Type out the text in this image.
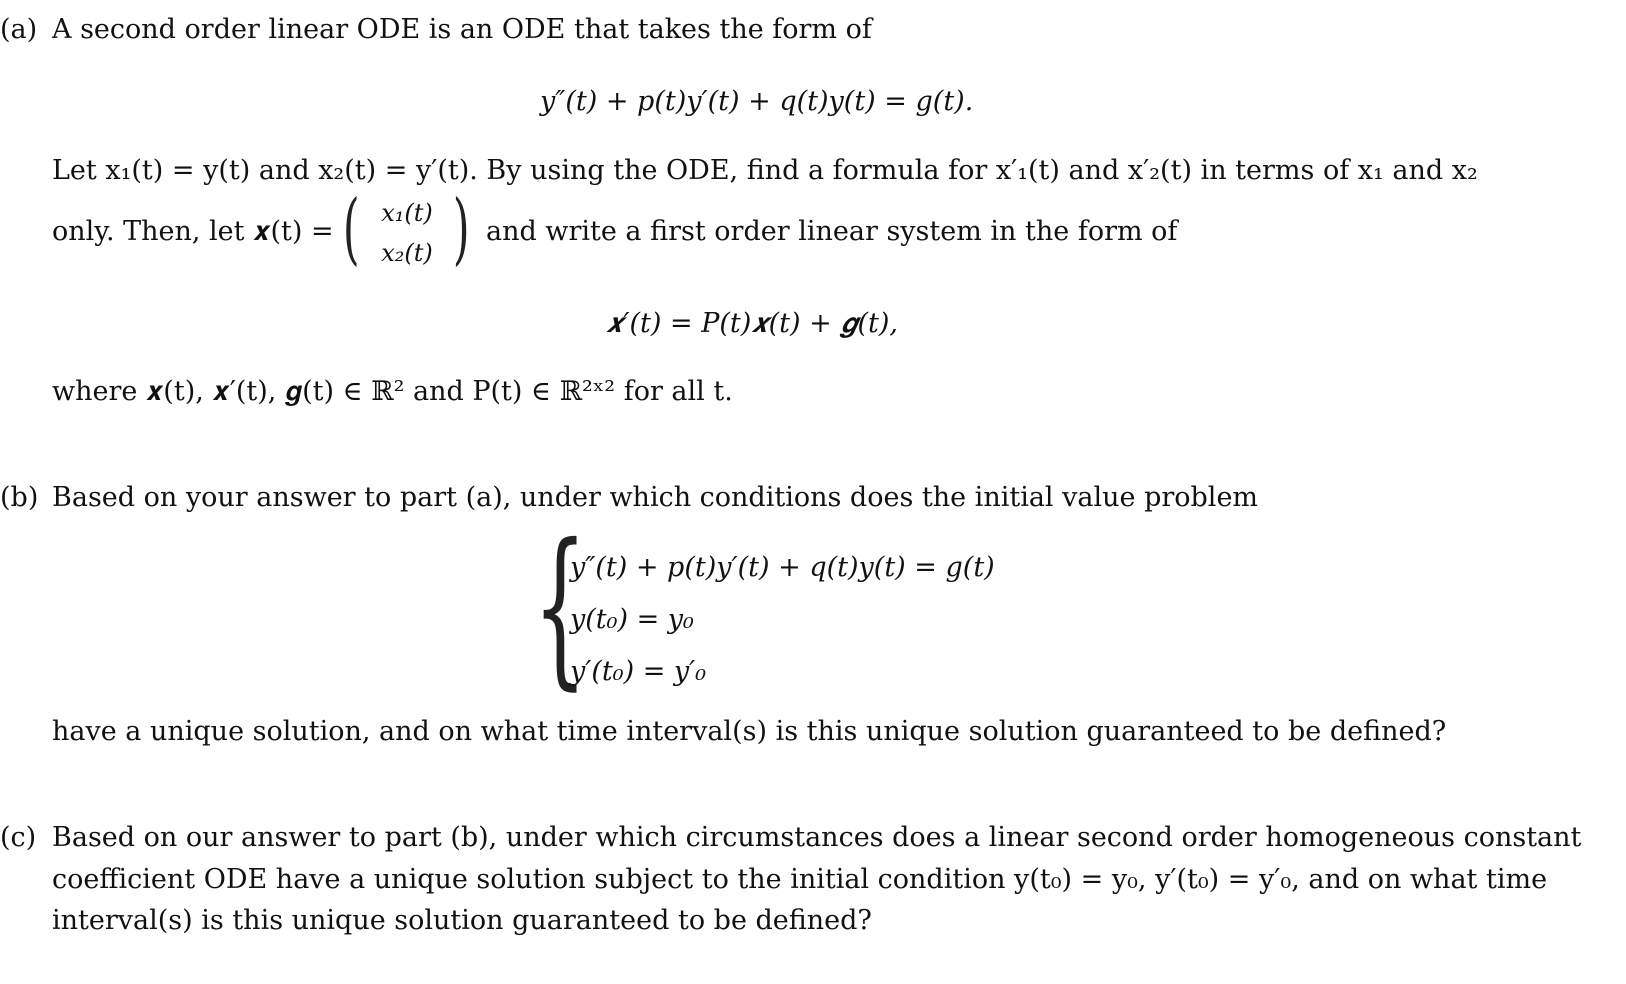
(a) A second order linear ODE is an ODE that takes the form of
y″(t) + p(t)y′(t) + q(t)y(t) = g(t).
Let x₁(t) = y(t) and x₂(t) = y′(t). By using the ODE, find a formula for x′₁(t) and x′₂(t) in terms of x₁ and x₂
only. Then, let 𝒙(t) = ( x₁(t)
x₂(t) ) and write a first order linear system in the form of
𝒙′(t) = P(t)𝒙(t) + 𝒈(t),
where 𝒙(t), 𝒙′(t), 𝒈(t) ∈ ℝ² and P(t) ∈ ℝ²ˣ² for all t.
(b) Based on your answer to part (a), under which conditions does the initial value problem
{
y″(t) + p(t)y′(t) + q(t)y(t) = g(t)
y(t₀) = y₀
y′(t₀) = y′₀
have a unique solution, and on what time interval(s) is this unique solution guaranteed to be defined?
(c) Based on our answer to part (b), under which circumstances does a linear second order homogeneous constant
coefficient ODE have a unique solution subject to the initial condition y(t₀) = y₀, y′(t₀) = y′₀, and on what time
interval(s) is this unique solution guaranteed to be defined?
